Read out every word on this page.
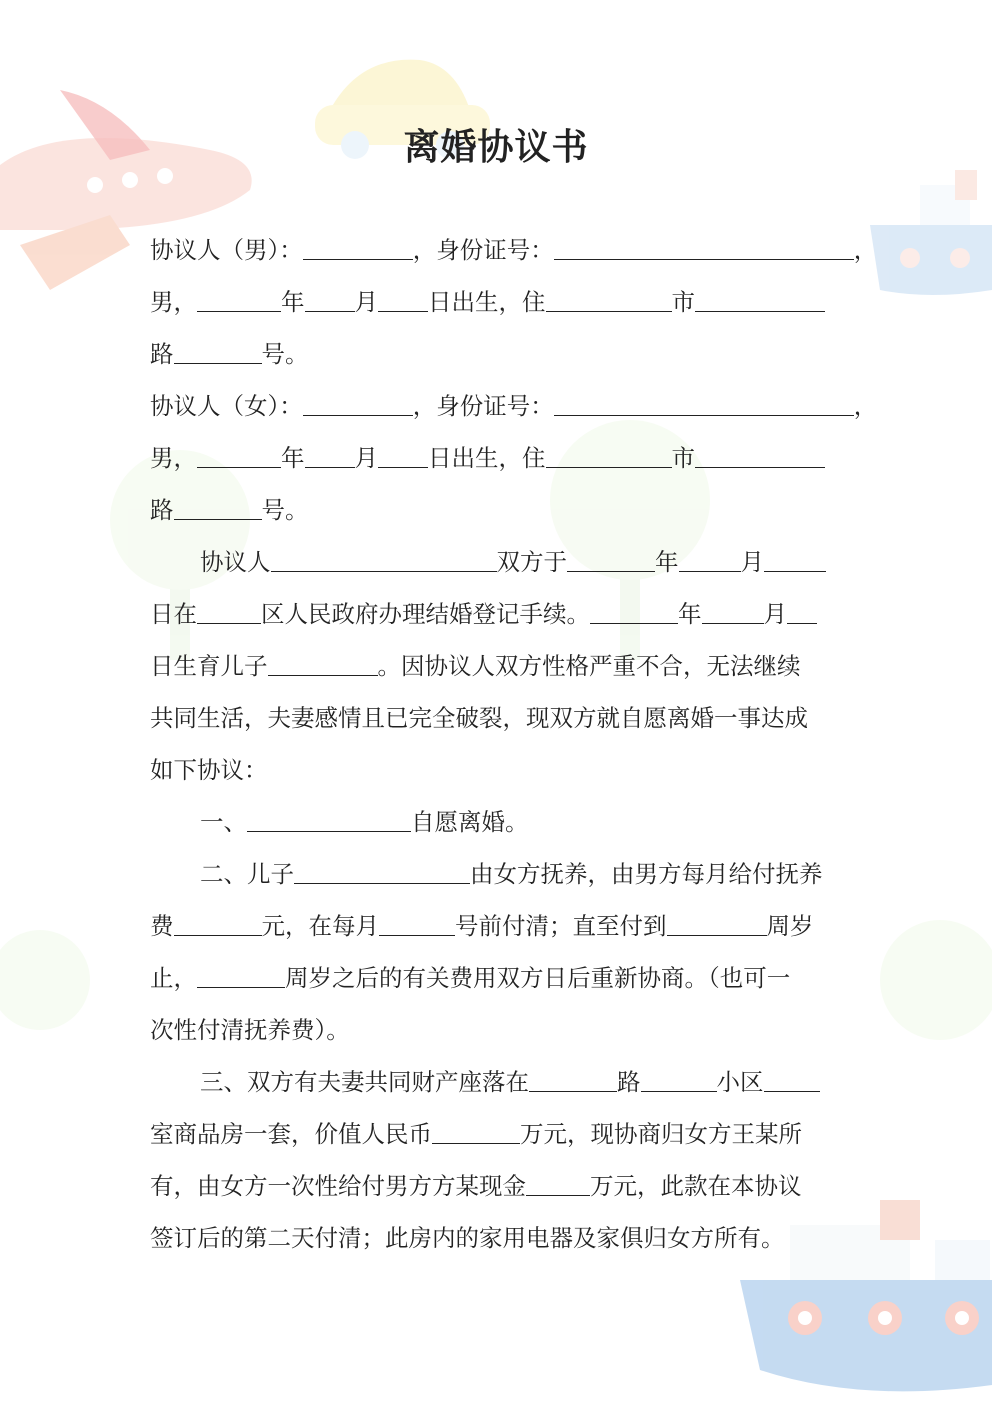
离婚协议书
协议人（男）：	，身份证号：	，
男，	年 月 日出生，住	市
路	号。
协议人（女）：	，身份证号：	，
男，	年 月 日出生，住	市
路	号。
协议人	双方于	年	月
日在	区人民政府办理结婚登记手续。	年	月
日生育儿子	。因协议人双方性格严重不合，无法继续
共同生活，夫妻感情且已完全破裂，现双方就自愿离婚一事达成
如下协议：
一、	自愿离婚。
二、儿子	由女方抚养，由男方每月给付抚养
费	元，在每月	号前付清；直至付到	周岁
止，	周岁之后的有关费用双方日后重新协商。（也可一
次性付清抚养费）。
三、双方有夫妻共同财产座落在	路	小区
室商品房一套，价值人民币	万元，现协商归女方王某所
有，由女方一次性给付男方方某现金	万元，此款在本协议
签订后的第二天付清；此房内的家用电器及家俱归女方所有。
